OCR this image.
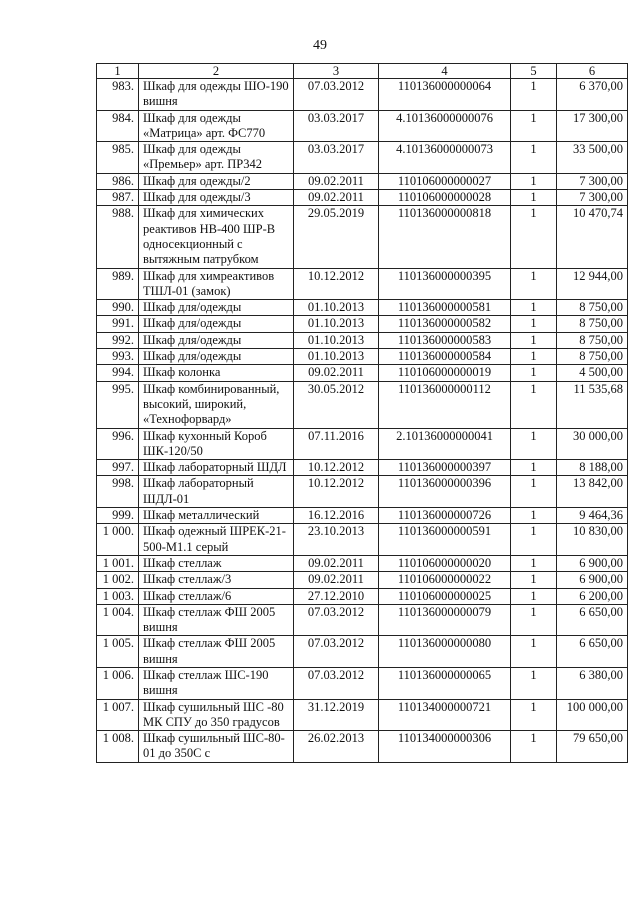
49
1	2	3	4	5	6
983.	Шкаф для одежды ШО-190 вишня	07.03.2012	110136000000064	1	6 370,00
984.	Шкаф для одежды «Матрица» арт. ФС770	03.03.2017	4.10136000000076	1	17 300,00
985.	Шкаф для одежды «Премьер» арт. ПР342	03.03.2017	4.10136000000073	1	33 500,00
986.	Шкаф для одежды/2	09.02.2011	110106000000027	1	7 300,00
987.	Шкаф для одежды/3	09.02.2011	110106000000028	1	7 300,00
988.	Шкаф для химических реактивов НВ-400 ШР-В односекционный с вытяжным патрубком	29.05.2019	110136000000818	1	10 470,74
989.	Шкаф для химреактивов ТШЛ-01 (замок)	10.12.2012	110136000000395	1	12 944,00
990.	Шкаф для/одежды	01.10.2013	110136000000581	1	8 750,00
991.	Шкаф для/одежды	01.10.2013	110136000000582	1	8 750,00
992.	Шкаф для/одежды	01.10.2013	110136000000583	1	8 750,00
993.	Шкаф для/одежды	01.10.2013	110136000000584	1	8 750,00
994.	Шкаф колонка	09.02.2011	110106000000019	1	4 500,00
995.	Шкаф комбинированный, высокий, широкий, «Технофорвард»	30.05.2012	110136000000112	1	11 535,68
996.	Шкаф кухонный Короб ШК-120/50	07.11.2016	2.10136000000041	1	30 000,00
997.	Шкаф лабораторный ШДЛ	10.12.2012	110136000000397	1	8 188,00
998.	Шкаф лабораторный ШДЛ-01	10.12.2012	110136000000396	1	13 842,00
999.	Шкаф металлический	16.12.2016	110136000000726	1	9 464,36
1 000.	Шкаф одежный ШРЕК-21-500-М1.1 серый	23.10.2013	110136000000591	1	10 830,00
1 001.	Шкаф стеллаж	09.02.2011	110106000000020	1	6 900,00
1 002.	Шкаф стеллаж/3	09.02.2011	110106000000022	1	6 900,00
1 003.	Шкаф стеллаж/6	27.12.2010	110106000000025	1	6 200,00
1 004.	Шкаф стеллаж ФШ 2005 вишня	07.03.2012	110136000000079	1	6 650,00
1 005.	Шкаф стеллаж ФШ 2005 вишня	07.03.2012	110136000000080	1	6 650,00
1 006.	Шкаф стеллаж ШС-190 вишня	07.03.2012	110136000000065	1	6 380,00
1 007.	Шкаф сушильный ШС -80 МК СПУ до 350 градусов	31.12.2019	110134000000721	1	100 000,00
1 008.	Шкаф сушильный ШС-80-01 до 350С с	26.02.2013	110134000000306	1	79 650,00
